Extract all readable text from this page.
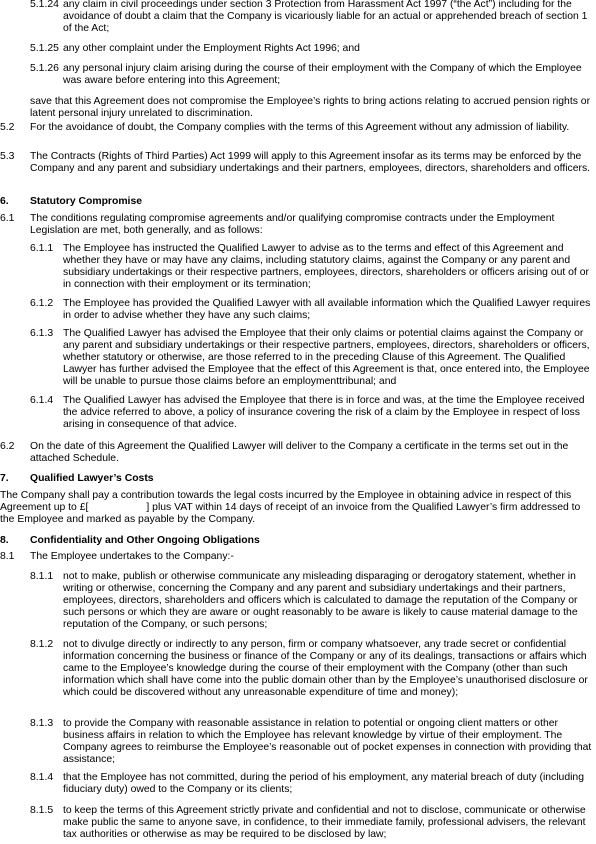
5.1.24 any claim in civil proceedings under section 3 Protection from Harassment Act 1997 (“the Act”) including for the avoidance of doubt a claim that the Company is vicariously liable for an actual or apprehended breach of section 1 of the Act;
5.1.25 any other complaint under the Employment Rights Act 1996; and
5.1.26 any personal injury claim arising during the course of their employment with the Company of which the Employee was aware before entering into this Agreement;
save that this Agreement does not compromise the Employee’s rights to bring actions relating to accrued pension rights or latent personal injury unrelated to discrimination.
5.2 For the avoidance of doubt, the Company complies with the terms of this Agreement without any admission of liability.
5.3 The Contracts (Rights of Third Parties) Act 1999 will apply to this Agreement insofar as its terms may be enforced by the Company and any parent and subsidiary undertakings and their partners, employees, directors, shareholders and officers.
6. Statutory Compromise
6.1 The conditions regulating compromise agreements and/or qualifying compromise contracts under the Employment Legislation are met, both generally, and as follows:
6.1.1 The Employee has instructed the Qualified Lawyer to advise as to the terms and effect of this Agreement and whether they have or may have any claims, including statutory claims, against the Company or any parent and subsidiary undertakings or their respective partners, employees, directors, shareholders or officers arising out of or in connection with their employment or its termination;
6.1.2 The Employee has provided the Qualified Lawyer with all available information which the Qualified Lawyer requires in order to advise whether they have any such claims;
6.1.3 The Qualified Lawyer has advised the Employee that their only claims or potential claims against the Company or any parent and subsidiary undertakings or their respective partners, employees, directors, shareholders or officers, whether statutory or otherwise, are those referred to in the preceding Clause of this Agreement. The Qualified Lawyer has further advised the Employee that the effect of this Agreement is that, once entered into, the Employee will be unable to pursue those claims before an employmenttribunal; and
6.1.4 The Qualified Lawyer has advised the Employee that there is in force and was, at the time the Employee received the advice referred to above, a policy of insurance covering the risk of a claim by the Employee in respect of loss arising in consequence of that advice.
6.2 On the date of this Agreement the Qualified Lawyer will deliver to the Company a certificate in the terms set out in the attached Schedule.
7. Qualified Lawyer’s Costs
The Company shall pay a contribution towards the legal costs incurred by the Employee in obtaining advice in respect of this Agreement up to £[	] plus VAT within 14 days of receipt of an invoice from the Qualified Lawyer’s firm addressed to the Employee and marked as payable by the Company.
8. Confidentiality and Other Ongoing Obligations
8.1 The Employee undertakes to the Company:-
8.1.1 not to make, publish or otherwise communicate any misleading disparaging or derogatory statement, whether in writing or otherwise, concerning the Company and any parent and subsidiary undertakings and their partners, employees, directors, shareholders and officers which is calculated to damage the reputation of the Company or such persons or which they are aware or ought reasonably to be aware is likely to cause material damage to the reputation of the Company, or such persons;
8.1.2 not to divulge directly or indirectly to any person, firm or company whatsoever, any trade secret or confidential information concerning the business or finance of the Company or any of its dealings, transactions or affairs which came to the Employee’s knowledge during the course of their employment with the Company (other than such information which shall have come into the public domain other than by the Employee’s unauthorised disclosure or which could be discovered without any unreasonable expenditure of time and money);
8.1.3 to provide the Company with reasonable assistance in relation to potential or ongoing client matters or other business affairs in relation to which the Employee has relevant knowledge by virtue of their employment. The Company agrees to reimburse the Employee’s reasonable out of pocket expenses in connection with providing that assistance;
8.1.4 that the Employee has not committed, during the period of his employment, any material breach of duty (including fiduciary duty) owed to the Company or its clients;
8.1.5 to keep the terms of this Agreement strictly private and confidential and not to disclose, communicate or otherwise make public the same to anyone save, in confidence, to their immediate family, professional advisers, the relevant tax authorities or otherwise as may be required to be disclosed by law;
